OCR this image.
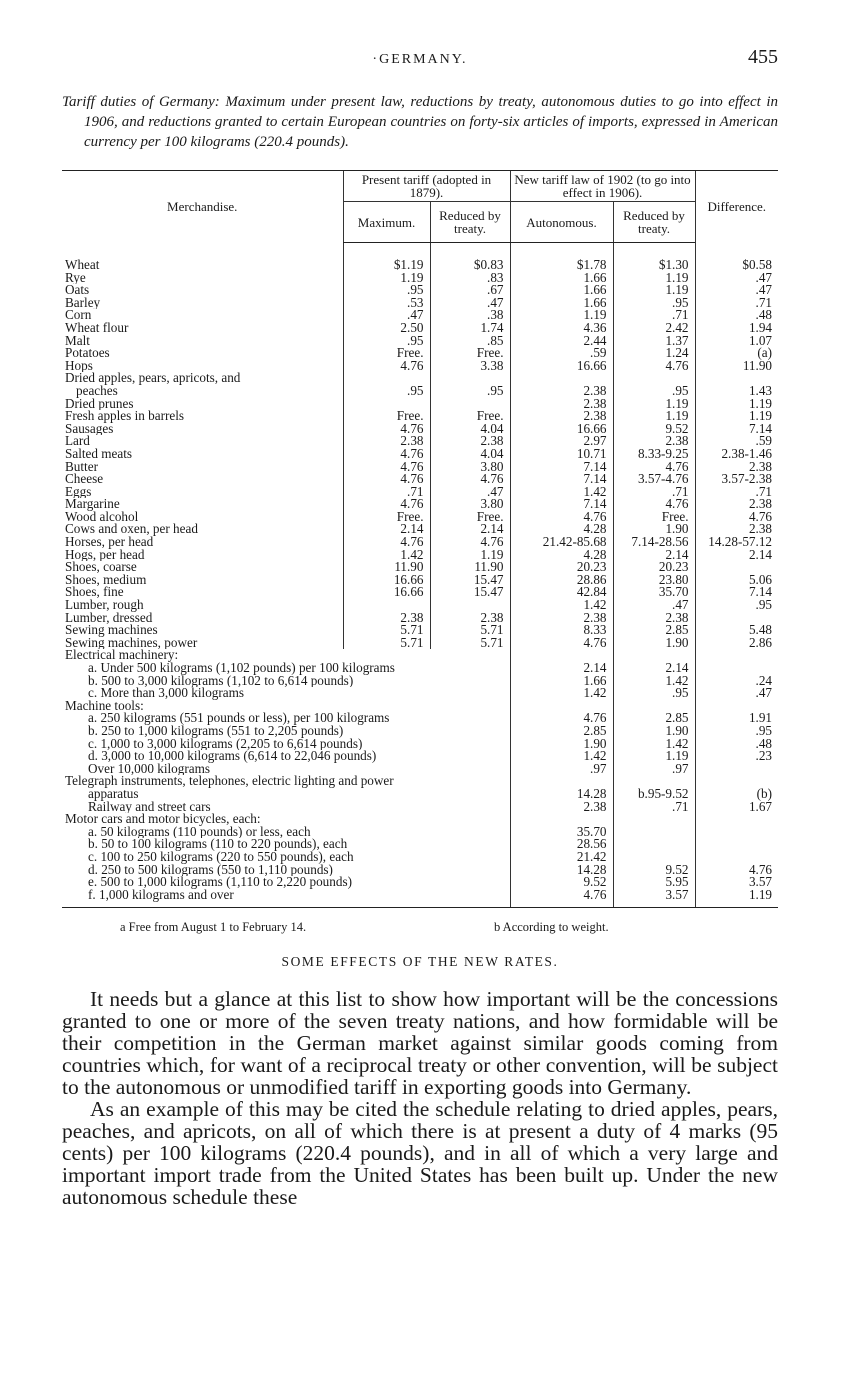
·GERMANY.	455
Tariff duties of Germany: Maximum under present law, reductions by treaty, autonomous duties to go into effect in 1906, and reductions granted to certain European countries on forty-six articles of imports, expressed in American currency per 100 kilograms (220.4 pounds).
Merchandise.	Present tariff (adopted in 1879).		New tariff law of 1902 (to go into effect in 1906).		Difference.
	Maximum.	Reduced by treaty.	Autonomous.	Reduced by treaty.	
Wheat	$1.19	$0.83	$1.78	$1.30	$0.58
Rye	1.19	.83	1.66	1.19	.47
Oats	.95	.67	1.66	1.19	.47
Barley	.53	.47	1.66	.95	.71
Corn	.47	.38	1.19	.71	.48
Wheat flour	2.50	1.74	4.36	2.42	1.94
Malt	.95	.85	2.44	1.37	1.07
Potatoes	Free.	Free.	.59	1.24	(a)
Hops	4.76	3.38	16.66	4.76	11.90
Dried apples, pears, apricots, and					
peaches	.95	.95	2.38	.95	1.43
Dried prunes			2.38	1.19	1.19
Fresh apples in barrels	Free.	Free.	2.38	1.19	1.19
Sausages	4.76	4.04	16.66	9.52	7.14
Lard	2.38	2.38	2.97	2.38	.59
Salted meats	4.76	4.04	10.71	8.33-9.25	2.38-1.46
Butter	4.76	3.80	7.14	4.76	2.38
Cheese	4.76	4.76	7.14	3.57-4.76	3.57-2.38
Eggs	.71	.47	1.42	.71	.71
Margarine	4.76	3.80	7.14	4.76	2.38
Wood alcohol	Free.	Free.	4.76	Free.	4.76
Cows and oxen, per head	2.14	2.14	4.28	1.90	2.38
Horses, per head	4.76	4.76	21.42-85.68	7.14-28.56	14.28-57.12
Hogs, per head	1.42	1.19	4.28	2.14	2.14
Shoes, coarse	11.90	11.90	20.23	20.23	
Shoes, medium	16.66	15.47	28.86	23.80	5.06
Shoes, fine	16.66	15.47	42.84	35.70	7.14
Lumber, rough			1.42	.47	.95
Lumber, dressed	2.38	2.38	2.38	2.38	
Sewing machines	5.71	5.71	8.33	2.85	5.48
Sewing machines, power	5.71	5.71	4.76	1.90	2.86
Electrical machinery:					
a. Under 500 kilograms (1,102 pounds) per 100 kilograms			2.14	2.14	
b. 500 to 3,000 kilograms (1,102 to 6,614 pounds)			1.66	1.42	.24
c. More than 3,000 kilograms			1.42	.95	.47
Machine tools:					
a. 250 kilograms (551 pounds or less), per 100 kilograms			4.76	2.85	1.91
b. 250 to 1,000 kilograms (551 to 2,205 pounds)			2.85	1.90	.95
c. 1,000 to 3,000 kilograms (2,205 to 6,614 pounds)			1.90	1.42	.48
d. 3,000 to 10,000 kilograms (6,614 to 22,046 pounds)			1.42	1.19	.23
Over 10,000 kilograms			.97	.97	
Telegraph instruments, telephones, electric lighting and power					
apparatus			14.28	b.95-9.52	(b)
Railway and street cars			2.38	.71	1.67
Motor cars and motor bicycles, each:					
a. 50 kilograms (110 pounds) or less, each			35.70		
b. 50 to 100 kilograms (110 to 220 pounds), each			28.56		
c. 100 to 250 kilograms (220 to 550 pounds), each			21.42		
d. 250 to 500 kilograms (550 to 1,110 pounds)			14.28	9.52	4.76
e. 500 to 1,000 kilograms (1,110 to 2,220 pounds)			9.52	5.95	3.57
f. 1,000 kilograms and over			4.76	3.57	1.19
a Free from August 1 to February 14.	b According to weight.
SOME EFFECTS OF THE NEW RATES.

It needs but a glance at this list to show how important will be the concessions granted to one or more of the seven treaty nations, and how formidable will be their competition in the German market against similar goods coming from countries which, for want of a reciprocal treaty or other convention, will be subject to the autonomous or unmodified tariff in exporting goods into Germany.

As an example of this may be cited the schedule relating to dried apples, pears, peaches, and apricots, on all of which there is at present a duty of 4 marks (95 cents) per 100 kilograms (220.4 pounds), and in all of which a very large and important import trade from the United States has been built up. Under the new autonomous schedule these
